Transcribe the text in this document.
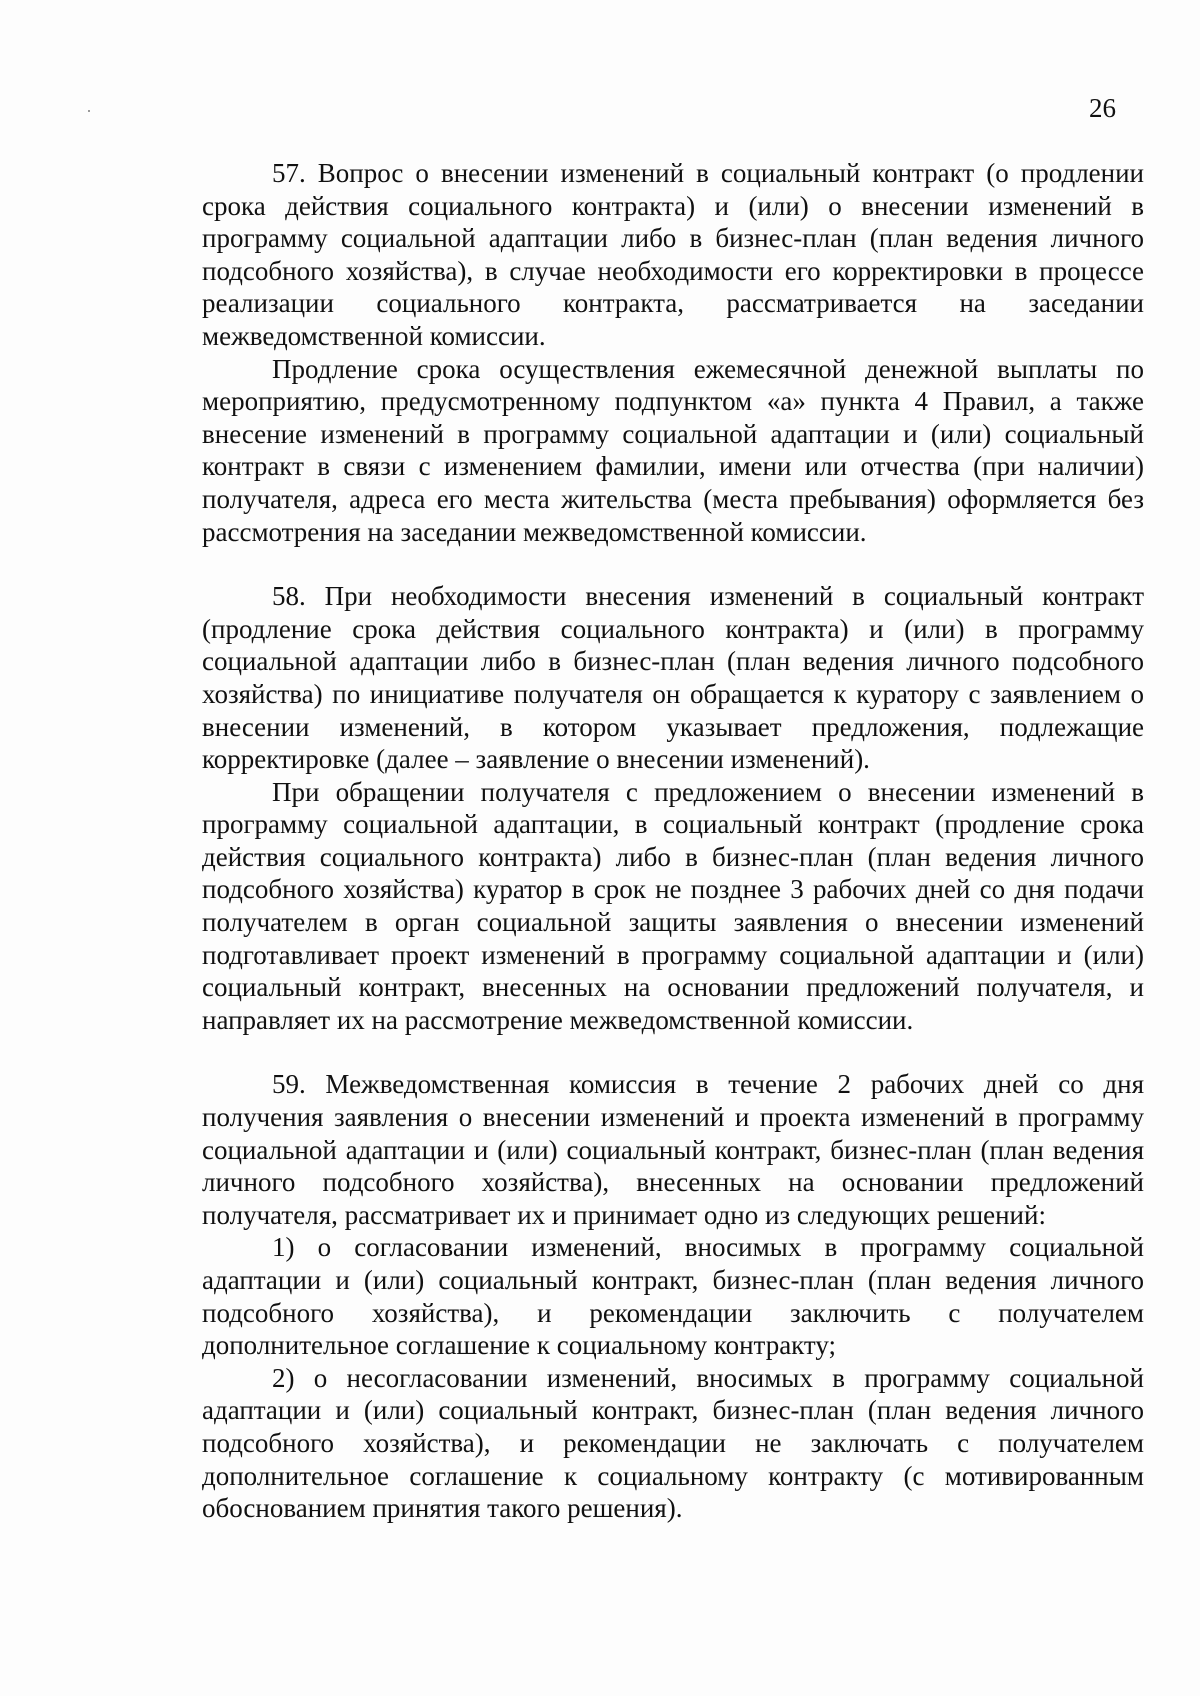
26

57. Вопрос о внесении изменений в социальный контракт (о продлении срока действия социального контракта) и (или) о внесении изменений в программу социальной адаптации либо в бизнес-план (план ведения личного подсобного хозяйства), в случае необходимости его корректировки в процессе реализации социального контракта, рассматривается на заседании межведомственной комиссии.

Продление срока осуществления ежемесячной денежной выплаты по мероприятию, предусмотренному подпунктом «а» пункта 4 Правил, а также внесение изменений в программу социальной адаптации и (или) социальный контракт в связи с изменением фамилии, имени или отчества (при наличии) получателя, адреса его места жительства (места пребывания) оформляется без рассмотрения на заседании межведомственной комиссии.

58. При необходимости внесения изменений в социальный контракт (продление срока действия социального контракта) и (или) в программу социальной адаптации либо в бизнес-план (план ведения личного подсобного хозяйства) по инициативе получателя он обращается к куратору с заявлением о внесении изменений, в котором указывает предложения, подлежащие корректировке (далее – заявление о внесении изменений).

При обращении получателя с предложением о внесении изменений в программу социальной адаптации, в социальный контракт (продление срока действия социального контракта) либо в бизнес-план (план ведения личного подсобного хозяйства) куратор в срок не позднее 3 рабочих дней со дня подачи получателем в орган социальной защиты заявления о внесении изменений подготавливает проект изменений в программу социальной адаптации и (или) социальный контракт, внесенных на основании предложений получателя, и направляет их на рассмотрение межведомственной комиссии.

59. Межведомственная комиссия в течение 2 рабочих дней со дня получения заявления о внесении изменений и проекта изменений в программу социальной адаптации и (или) социальный контракт, бизнес-план (план ведения личного подсобного хозяйства), внесенных на основании предложений получателя, рассматривает их и принимает одно из следующих решений:

1) о согласовании изменений, вносимых в программу социальной адаптации и (или) социальный контракт, бизнес-план (план ведения личного подсобного хозяйства), и рекомендации заключить с получателем дополнительное соглашение к социальному контракту;

2) о несогласовании изменений, вносимых в программу социальной адаптации и (или) социальный контракт, бизнес-план (план ведения личного подсобного хозяйства), и рекомендации не заключать с получателем дополнительное соглашение к социальному контракту (с мотивированным обоснованием принятия такого решения).
